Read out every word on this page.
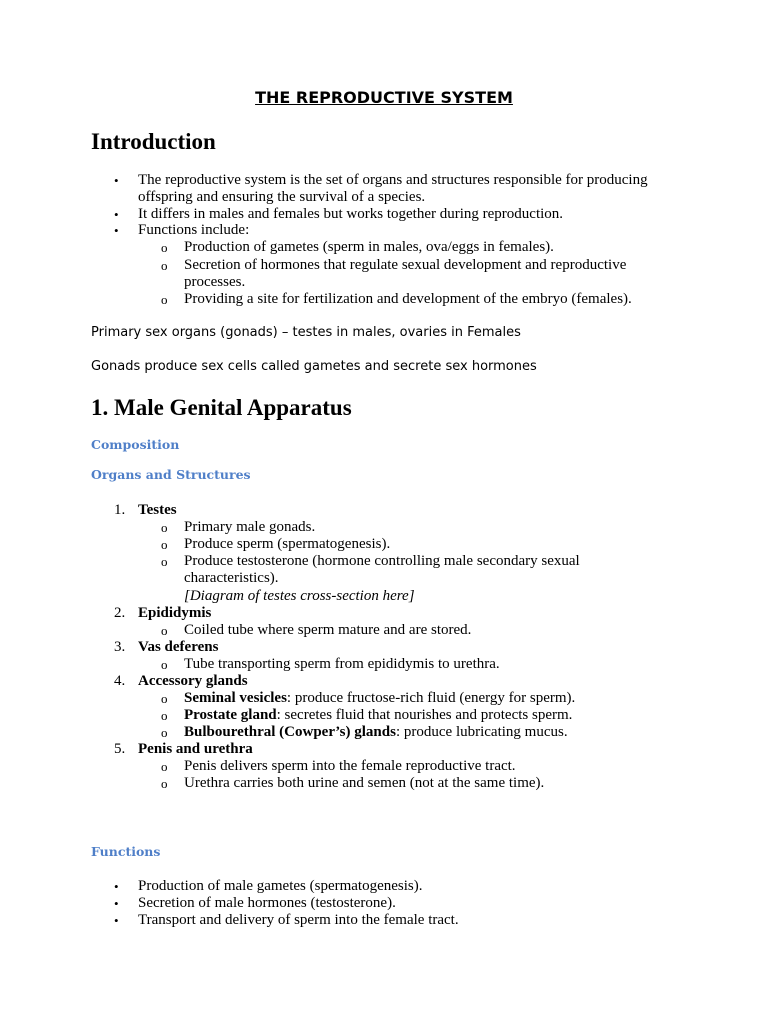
THE REPRODUCTIVE SYSTEM

Introduction
• The reproductive system is the set of organs and structures responsible for producing
offspring and ensuring the survival of a species.
• It differs in males and females but works together during reproduction.
• Functions include:
o Production of gametes (sperm in males, ova/eggs in females).
o Secretion of hormones that regulate sexual development and reproductive
processes.
o Providing a site for fertilization and development of the embryo (females).

Primary sex organs (gonads) – testes in males, ovaries in Females

Gonads produce sex cells called gametes and secrete sex hormones

1. Male Genital Apparatus

Composition

Organs and Structures

1. Testes
o Primary male gonads.
o Produce sperm (spermatogenesis).
o Produce testosterone (hormone controlling male secondary sexual
characteristics).
[Diagram of testes cross-section here]
2. Epididymis
o Coiled tube where sperm mature and are stored.
3. Vas deferens
o Tube transporting sperm from epididymis to urethra.
4. Accessory glands
o Seminal vesicles: produce fructose-rich fluid (energy for sperm).
o Prostate gland: secretes fluid that nourishes and protects sperm.
o Bulbourethral (Cowper’s) glands: produce lubricating mucus.
5. Penis and urethra
o Penis delivers sperm into the female reproductive tract.
o Urethra carries both urine and semen (not at the same time).

Functions

• Production of male gametes (spermatogenesis).
• Secretion of male hormones (testosterone).
• Transport and delivery of sperm into the female tract.
